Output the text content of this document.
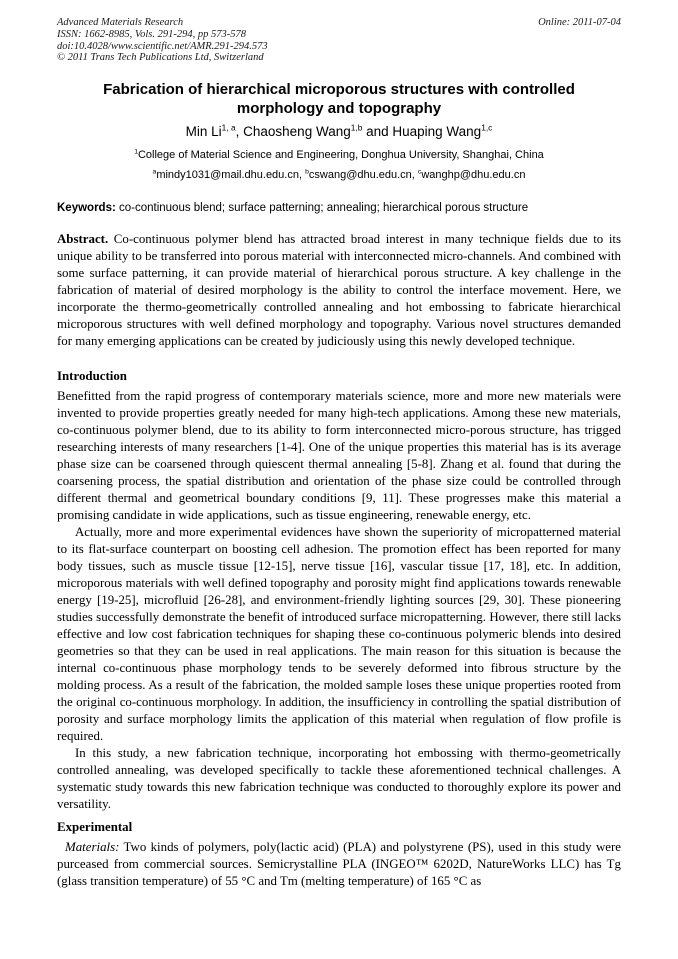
Advanced Materials Research
ISSN: 1662-8985, Vols. 291-294, pp 573-578
doi:10.4028/www.scientific.net/AMR.291-294.573
© 2011 Trans Tech Publications Ltd, Switzerland
Online: 2011-07-04
Fabrication of hierarchical microporous structures with controlled morphology and topography
Min Li$^{1, a}$, Chaosheng Wang$^{1,b}$ and Huaping Wang$^{1,c}$
$^1$College of Material Science and Engineering, Donghua University, Shanghai, China
$^a$mindy1031@mail.dhu.edu.cn, $^b$cswang@dhu.edu.cn, $^c$wanghp@dhu.edu.cn
Keywords: co-continuous blend; surface patterning; annealing; hierarchical porous structure

Abstract. Co-continuous polymer blend has attracted broad interest in many technique fields due to its unique ability to be transferred into porous material with interconnected micro-channels. And combined with some surface patterning, it can provide material of hierarchical porous structure. A key challenge in the fabrication of material of desired morphology is the ability to control the interface movement. Here, we incorporate the thermo-geometrically controlled annealing and hot embossing to fabricate hierarchical microporous structures with well defined morphology and topography. Various novel structures demanded for many emerging applications can be created by judiciously using this newly developed technique.

Introduction

Benefitted from the rapid progress of contemporary materials science, more and more new materials were invented to provide properties greatly needed for many high-tech applications. Among these new materials, co-continuous polymer blend, due to its ability to form interconnected micro-porous structure, has trigged researching interests of many researchers [1-4]. One of the unique properties this material has is its average phase size can be coarsened through quiescent thermal annealing [5-8]. Zhang et al. found that during the coarsening process, the spatial distribution and orientation of the phase size could be controlled through different thermal and geometrical boundary conditions [9, 11]. These progresses make this material a promising candidate in wide applications, such as tissue engineering, renewable energy, etc.

Actually, more and more experimental evidences have shown the superiority of micropatterned material to its flat-surface counterpart on boosting cell adhesion. The promotion effect has been reported for many body tissues, such as muscle tissue [12-15], nerve tissue [16], vascular tissue [17, 18], etc. In addition, microporous materials with well defined topography and porosity might find applications towards renewable energy [19-25], microfluid [26-28], and environment-friendly lighting sources [29, 30]. These pioneering studies successfully demonstrate the benefit of introduced surface micropatterning. However, there still lacks effective and low cost fabrication techniques for shaping these co-continuous polymeric blends into desired geometries so that they can be used in real applications. The main reason for this situation is because the internal co-continuous phase morphology tends to be severely deformed into fibrous structure by the molding process. As a result of the fabrication, the molded sample loses these unique properties rooted from the original co-continuous morphology. In addition, the insufficiency in controlling the spatial distribution of porosity and surface morphology limits the application of this material when regulation of flow profile is required.

In this study, a new fabrication technique, incorporating hot embossing with thermo-geometrically controlled annealing, was developed specifically to tackle these aforementioned technical challenges. A systematic study towards this new fabrication technique was conducted to thoroughly explore its power and versatility.

Experimental

Materials: Two kinds of polymers, poly(lactic acid) (PLA) and polystyrene (PS), used in this study were purceased from commercial sources. Semicrystalline PLA (INGEO™ 6202D, NatureWorks LLC) has Tg (glass transition temperature) of 55 °C and Tm (melting temperature) of 165 °C as
